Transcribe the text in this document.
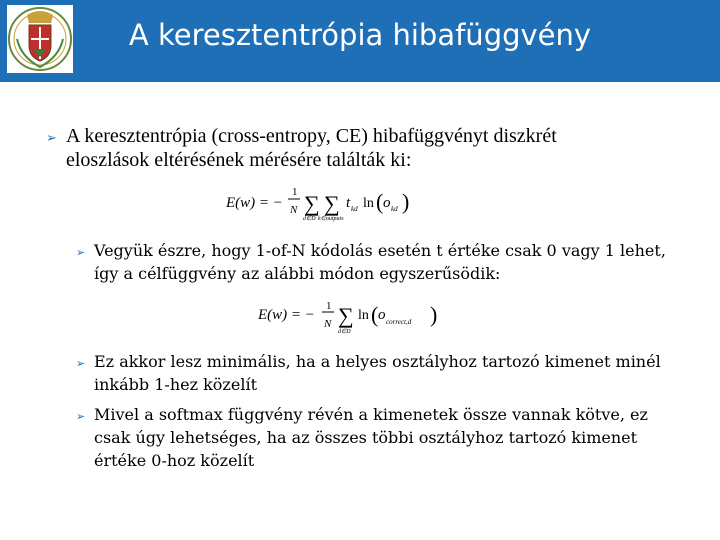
A keresztentrópia hibafüggvény
➢ A keresztentrópia (cross-entropy, CE) hibafüggvényt diszkrét
eloszlások eltérésének mérésére találták ki:
E(w) = −
1
N ∑
d∈D
∑
k∈outputs
t kd ln ( o kd )
➢ Vegyük észre, hogy 1-of-N kódolás esetén t értéke csak 0 vagy 1 lehet,
így a célfüggvény az alábbi módon egyszerűsödik:
E(w) = −
1
N ∑
d∈D
ln ( o correct,d )
➢ Ez akkor lesz minimális, ha a helyes osztályhoz tartozó kimenet minél
inkább 1-hez közelít
➢ Mivel a softmax függvény révén a kimenetek össze vannak kötve, ez
csak úgy lehetséges, ha az összes többi osztályhoz tartozó kimenet
értéke 0-hoz közelít
